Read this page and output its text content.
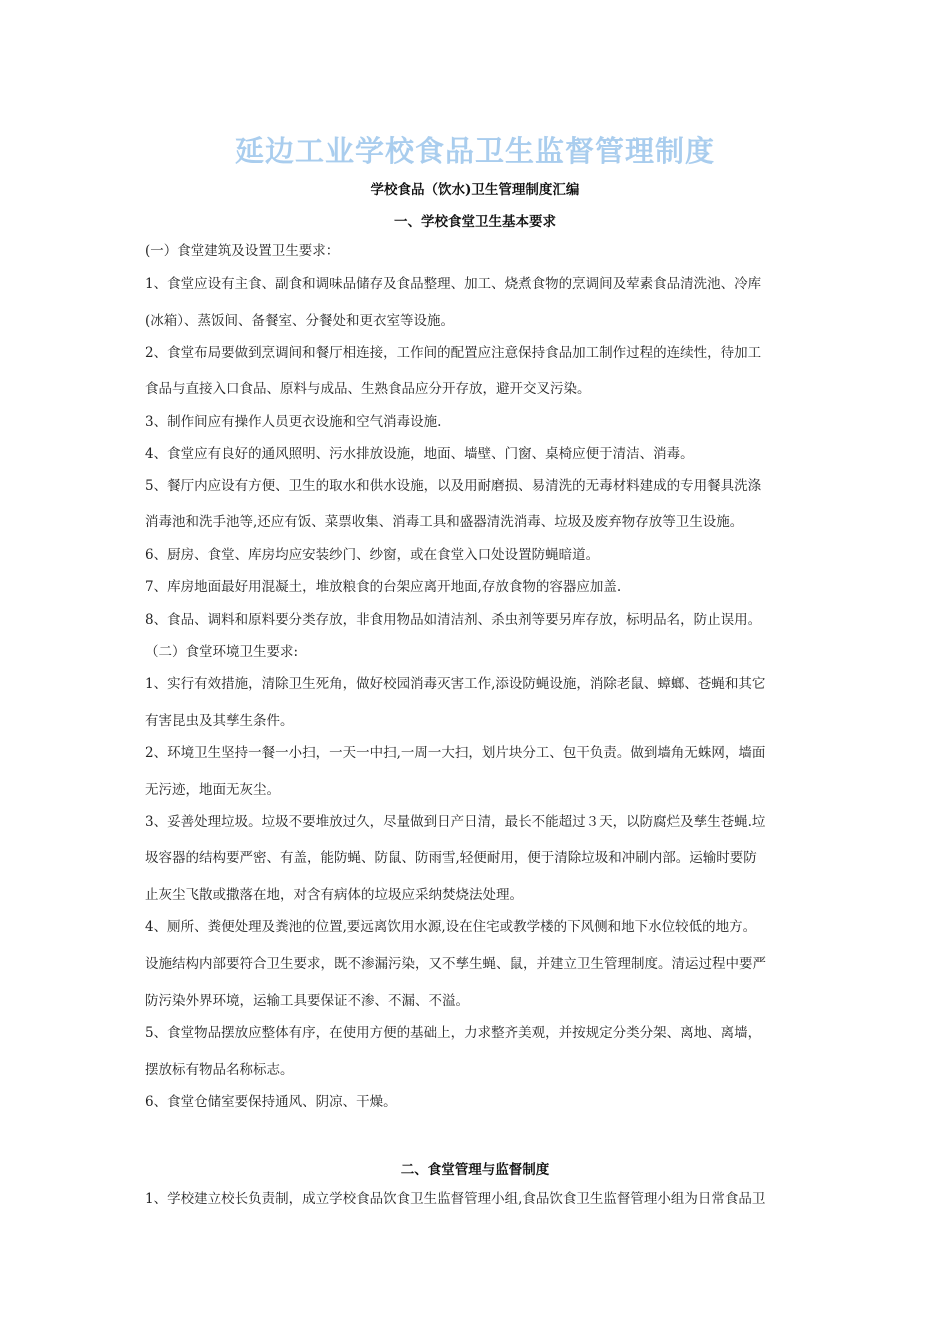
延边工业学校食品卫生监督管理制度
学校食品（饮水)卫生管理制度汇编
一、学校食堂卫生基本要求
(一）食堂建筑及设置卫生要求：
1、食堂应设有主食、副食和调味品储存及食品整理、加工、烧煮食物的烹调间及荤素食品清洗池、冷库
(冰箱）、蒸饭间、备餐室、分餐处和更衣室等设施。
2、食堂布局要做到烹调间和餐厅相连接，工作间的配置应注意保持食品加工制作过程的连续性，待加工
食品与直接入口食品、原料与成品、生熟食品应分开存放，避开交叉污染。
3、制作间应有操作人员更衣设施和空气消毒设施.
4、食堂应有良好的通风照明、污水排放设施，地面、墙壁、门窗、桌椅应便于清洁、消毒。
5、餐厅内应设有方便、卫生的取水和供水设施，以及用耐磨损、易清洗的无毒材料建成的专用餐具洗涤
消毒池和洗手池等,还应有饭、菜票收集、消毒工具和盛器清洗消毒、垃圾及废弃物存放等卫生设施。
6、厨房、食堂、库房均应安装纱门、纱窗，或在食堂入口处设置防蝇暗道。
7、库房地面最好用混凝土，堆放粮食的台架应离开地面,存放食物的容器应加盖.
8、食品、调料和原料要分类存放，非食用物品如清洁剂、杀虫剂等要另库存放，标明品名，防止误用。
（二）食堂环境卫生要求:
1、实行有效措施，清除卫生死角，做好校园消毒灭害工作,添设防蝇设施，消除老鼠、蟑螂、苍蝇和其它
有害昆虫及其孳生条件。
2、环境卫生坚持一餐一小扫，一天一中扫,一周一大扫，划片块分工、包干负责。做到墙角无蛛网，墙面
无污迹，地面无灰尘。
3、妥善处理垃圾。垃圾不要堆放过久，尽量做到日产日清，最长不能超过３天，以防腐烂及孳生苍蝇.垃
圾容器的结构要严密、有盖，能防蝇、防鼠、防雨雪,轻便耐用，便于清除垃圾和冲刷内部。运输时要防
止灰尘飞散或撒落在地，对含有病体的垃圾应采纳焚烧法处理。
4、厕所、粪便处理及粪池的位置,要远离饮用水源,设在住宅或教学楼的下风侧和地下水位较低的地方。
设施结构内部要符合卫生要求，既不渗漏污染，又不孳生蝇、鼠，并建立卫生管理制度。清运过程中要严
防污染外界环境，运输工具要保证不渗、不漏、不溢。
5、食堂物品摆放应整体有序，在使用方便的基础上，力求整齐美观，并按规定分类分架、离地、离墙，
摆放标有物品名称标志。
6、食堂仓储室要保持通风、阴凉、干燥。
二、食堂管理与监督制度
1、学校建立校长负责制，成立学校食品饮食卫生监督管理小组,食品饮食卫生监督管理小组为日常食品卫
